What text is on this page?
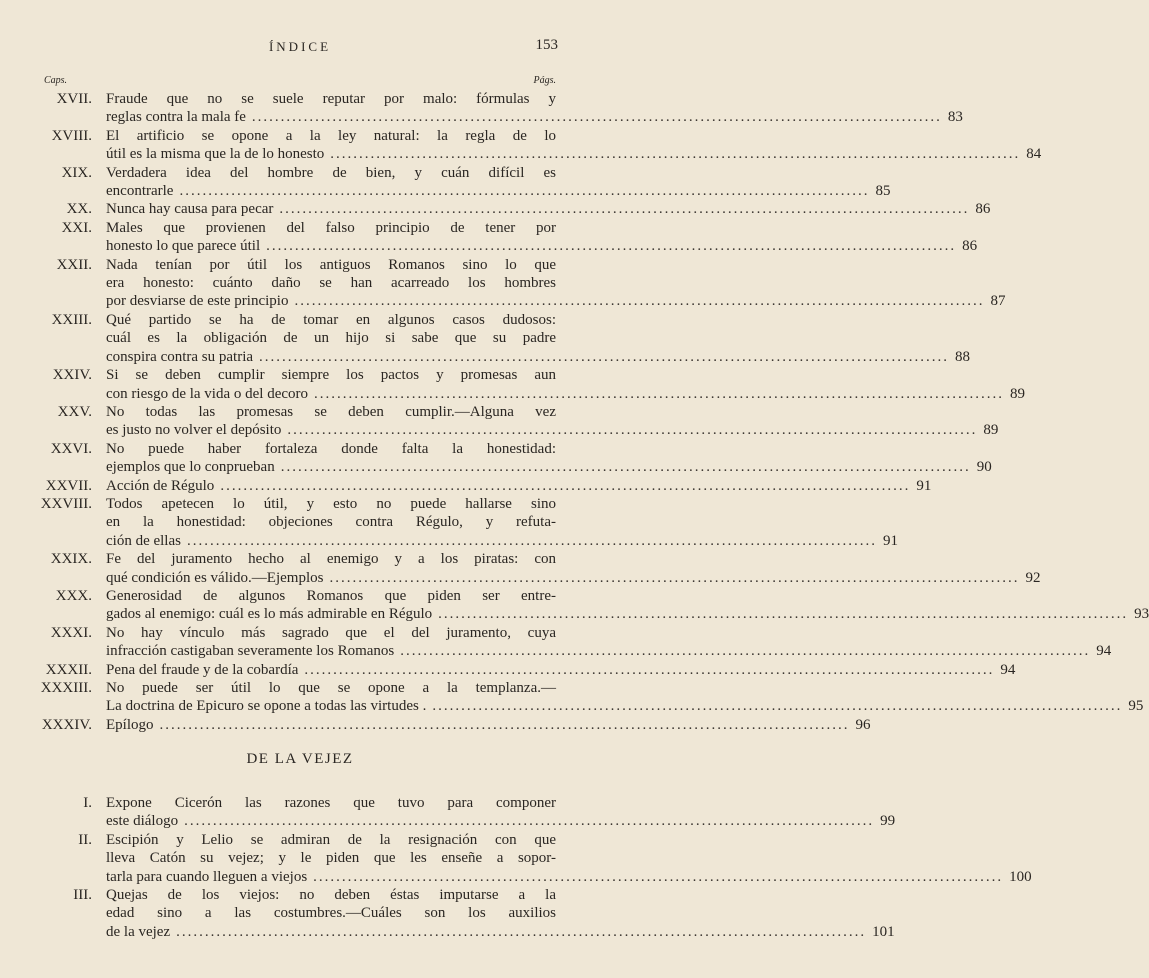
ÍNDICE	153
Caps.	Págs.
XVII. Fraude que no se suele reputar por malo: fórmulas y
reglas contra la mala fe ........................................................................................................................ 83
XVIII. El artificio se opone a la ley natural: la regla de lo
útil es la misma que la de lo honesto ........................................................................................................................ 84
XIX. Verdadera idea del hombre de bien, y cuán difícil es
encontrarle ........................................................................................................................ 85
XX. Nunca hay causa para pecar ........................................................................................................................ 86
XXI. Males que provienen del falso principio de tener por
honesto lo que parece útil ........................................................................................................................ 86
XXII. Nada tenían por útil los antiguos Romanos sino lo que
era honesto: cuánto daño se han acarreado los hombres
por desviarse de este principio ........................................................................................................................ 87
XXIII. Qué partido se ha de tomar en algunos casos dudosos:
cuál es la obligación de un hijo si sabe que su padre
conspira contra su patria ........................................................................................................................ 88
XXIV. Si se deben cumplir siempre los pactos y promesas aun
con riesgo de la vida o del decoro ........................................................................................................................ 89
XXV. No todas las promesas se deben cumplir.—Alguna vez
es justo no volver el depósito ........................................................................................................................ 89
XXVI. No puede haber fortaleza donde falta la honestidad:
ejemplos que lo conprueban ........................................................................................................................ 90
XXVII. Acción de Régulo ........................................................................................................................ 91
XXVIII. Todos apetecen lo útil, y esto no puede hallarse sino
en la honestidad: objeciones contra Régulo, y refuta-
ción de ellas ........................................................................................................................ 91
XXIX. Fe del juramento hecho al enemigo y a los piratas: con
qué condición es válido.—Ejemplos ........................................................................................................................ 92
XXX. Generosidad de algunos Romanos que piden ser entre-
gados al enemigo: cuál es lo más admirable en Régulo ........................................................................................................................ 93
XXXI. No hay vínculo más sagrado que el del juramento, cuya
infracción castigaban severamente los Romanos ........................................................................................................................ 94
XXXII. Pena del fraude y de la cobardía ........................................................................................................................ 94
XXXIII. No puede ser útil lo que se opone a la templanza.—
La doctrina de Epicuro se opone a todas las virtudes . ........................................................................................................................ 95
XXXIV. Epílogo ........................................................................................................................ 96
DE LA VEJEZ
I. Expone Cicerón las razones que tuvo para componer
este diálogo ........................................................................................................................ 99
II. Escipión y Lelio se admiran de la resignación con que
lleva Catón su vejez; y le piden que les enseñe a sopor-
tarla para cuando lleguen a viejos ........................................................................................................................ 100
III. Quejas de los viejos: no deben éstas imputarse a la
edad sino a las costumbres.—Cuáles son los auxilios
de la vejez ........................................................................................................................ 101
